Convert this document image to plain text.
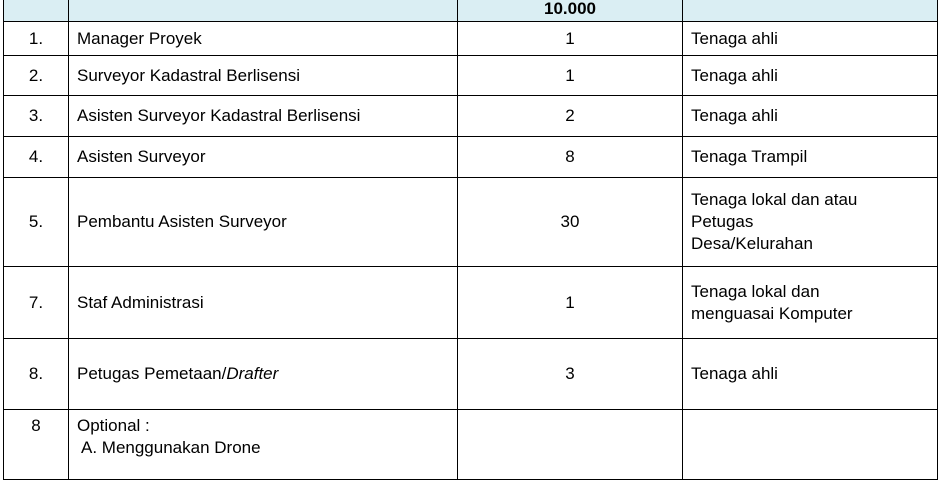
		10.000	
1.	Manager Proyek	1	Tenaga ahli
2.	Surveyor Kadastral Berlisensi	1	Tenaga ahli
3.	Asisten Surveyor Kadastral Berlisensi	2	Tenaga ahli
4.	Asisten Surveyor	8	Tenaga Trampil
5.	Pembantu Asisten Surveyor	30	Tenaga lokal dan atau
Petugas
Desa/Kelurahan

7.	Staf Administrasi	1	Tenaga lokal dan
menguasai Komputer

8.	Petugas Pemetaan/Drafter	3	Tenaga ahli
8	Optional :
A. Menggunakan Drone		
